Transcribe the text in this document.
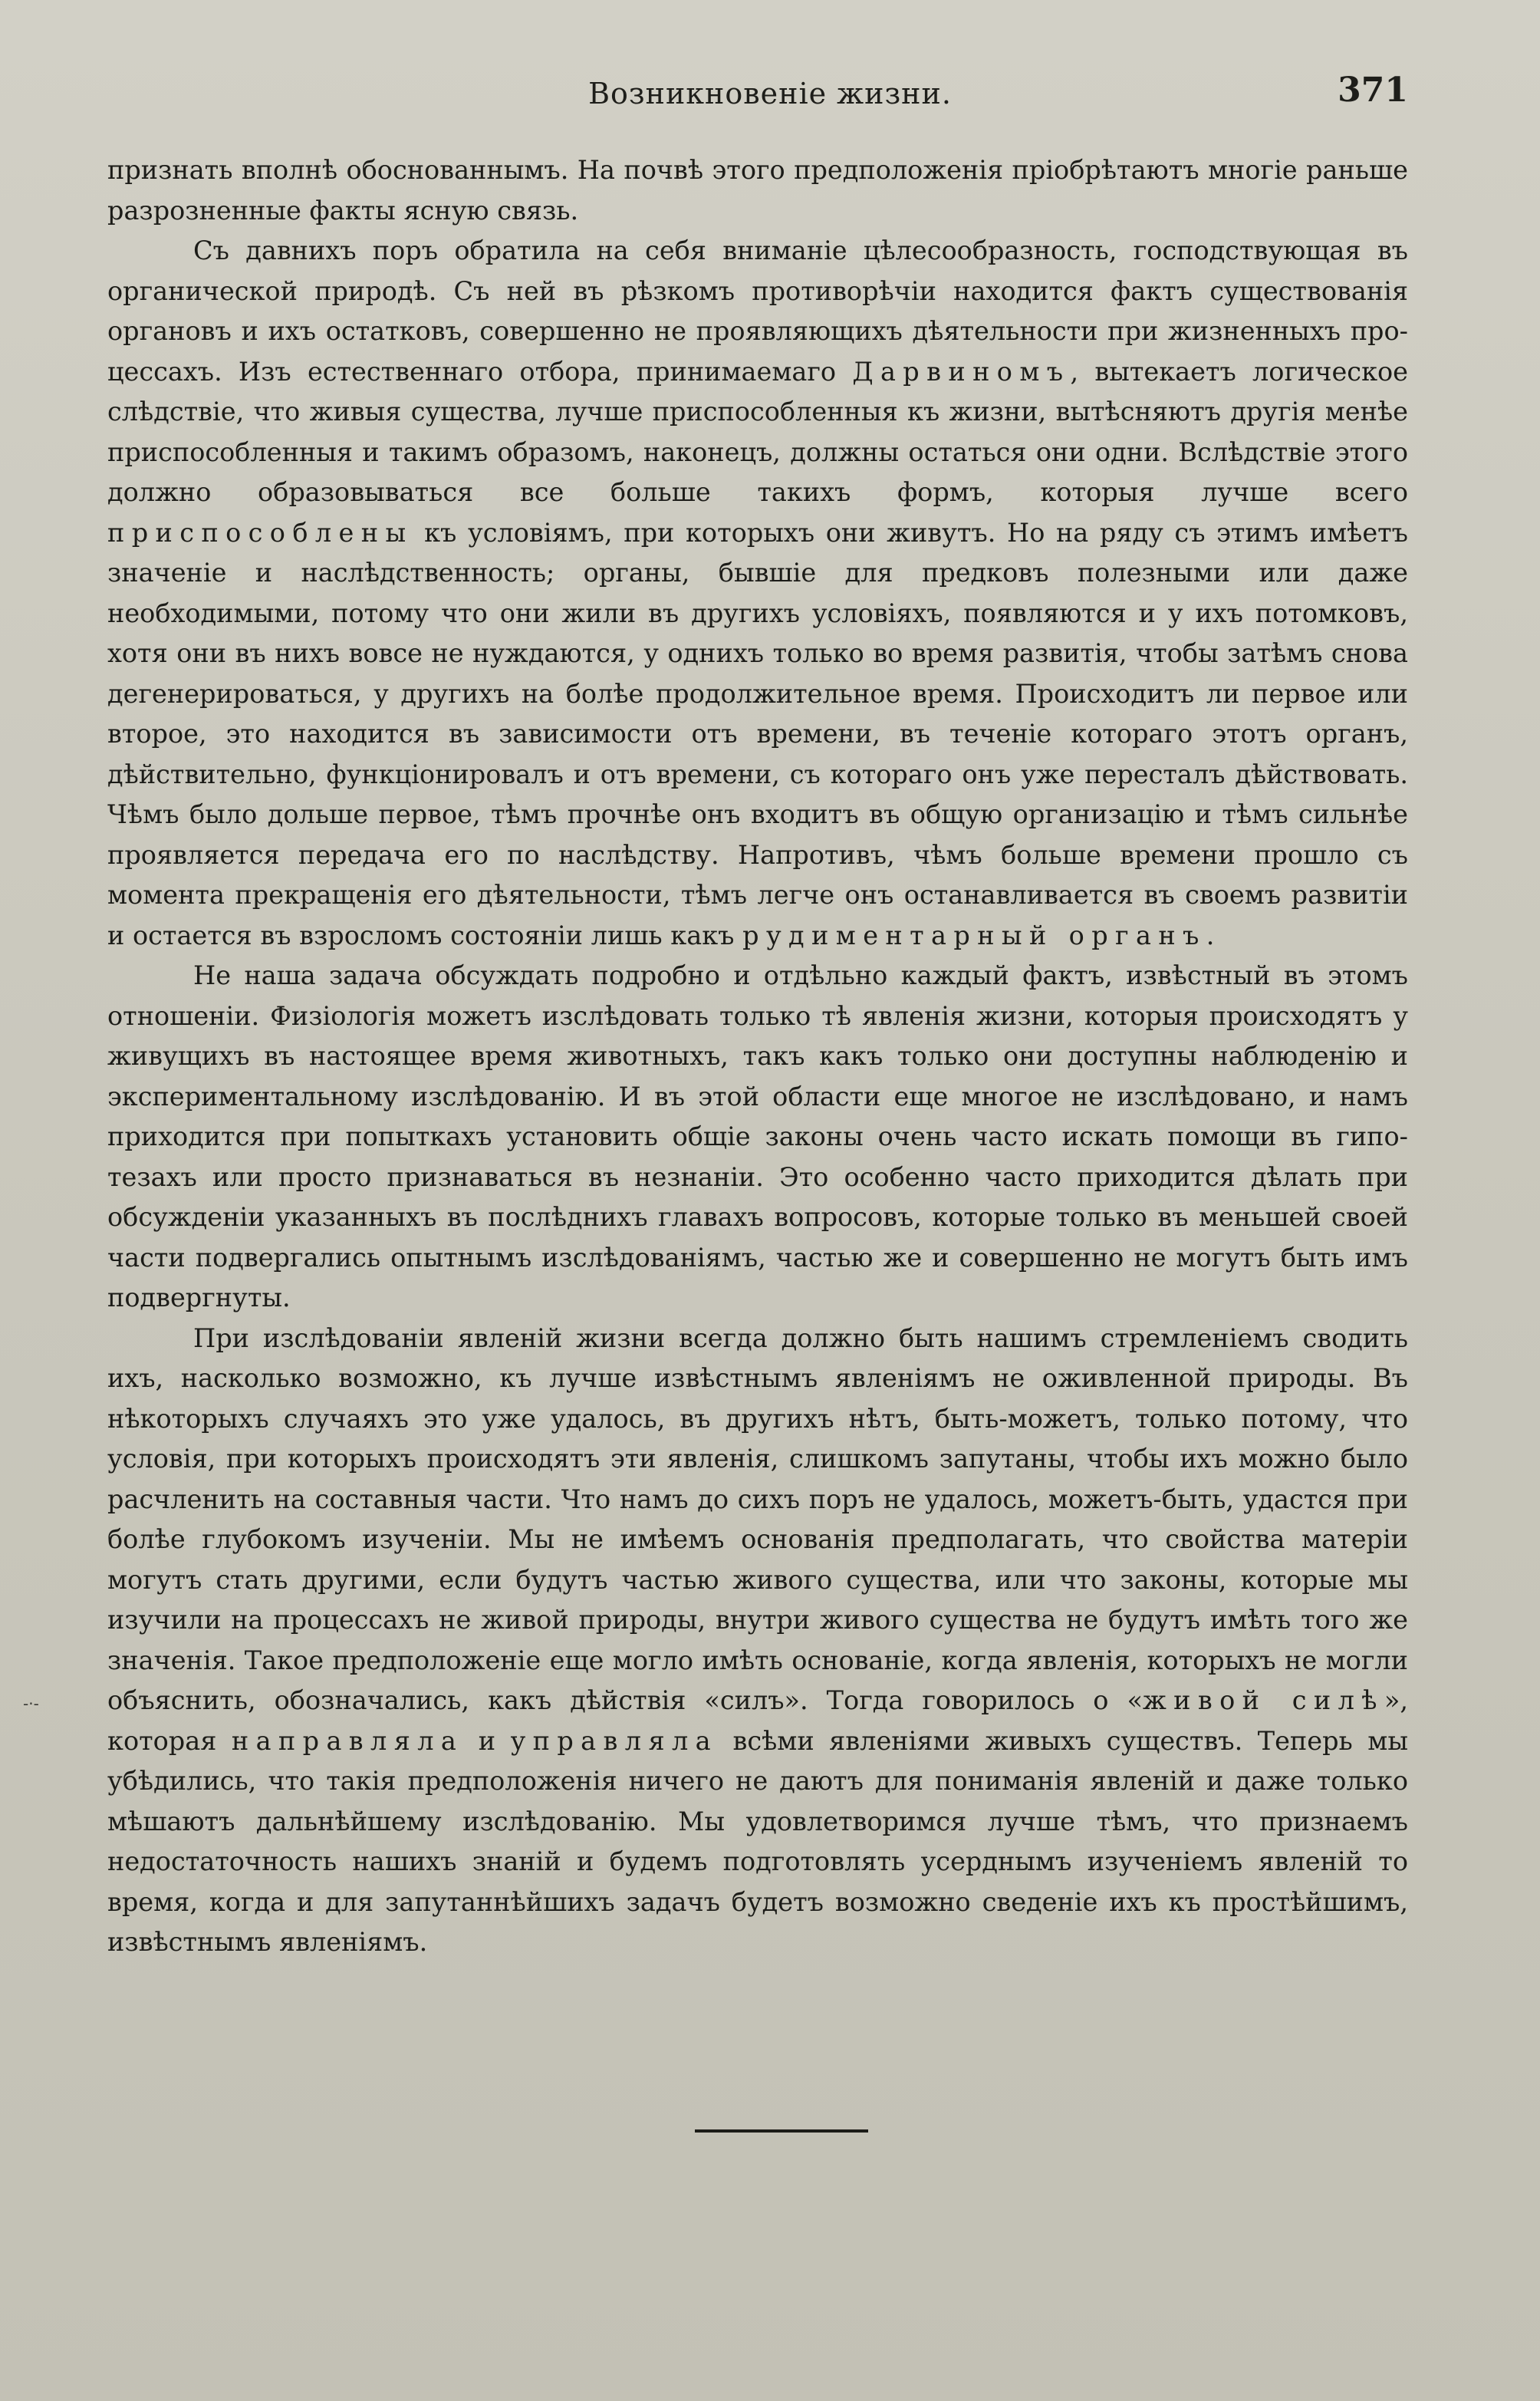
Возникновеніе жизни.	371

признать вполнѣ обоснованнымъ. На почвѣ этого предположенія пріобрѣтаютъ многіе раньше разрозненные факты ясную связь.

Съ давнихъ поръ обратила на себя вниманіе цѣлесообразность, господствующая въ органической природѣ. Съ ней въ рѣзкомъ противорѣчіи находится фактъ существованія органовъ и ихъ остатковъ, совершенно не проявляющихъ дѣятельности при жизненныхъ процессахъ. Изъ естественнаго отбора, принимаемаго Дарвиномъ, вытекаетъ логическое слѣдствіе, что живыя существа, лучше приспособленныя къ жизни, вытѣсняютъ другія менѣе приспособленныя и такимъ образомъ, наконецъ, должны остаться они одни. Вслѣдствіе этого должно образовываться все больше такихъ формъ, которыя лучше всего приспособлены къ условіямъ, при которыхъ они живутъ. Но на ряду съ этимъ имѣетъ значеніе и наслѣдственность; органы, бывшіе для предковъ полезными или даже необходимыми, потому что они жили въ другихъ условіяхъ, появляются и у ихъ потомковъ, хотя они въ нихъ вовсе не нуждаются, у однихъ только во время развитія, чтобы затѣмъ снова дегенерироваться, у другихъ на болѣе продолжительное время. Происходитъ ли первое или второе, это находится въ зависимости отъ времени, въ теченіе котораго этотъ органъ, дѣйствительно, функціонировалъ и отъ времени, съ котораго онъ уже пересталъ дѣйствовать. Чѣмъ было дольше первое, тѣмъ прочнѣе онъ входитъ въ общую организацію и тѣмъ сильнѣе проявляется передача его по наслѣдству. Напротивъ, чѣмъ больше времени прошло съ момента прекращенія его дѣятельности, тѣмъ легче онъ останавливается въ своемъ развитіи и остается въ взросломъ состояніи лишь какъ рудиментарный органъ.

Не наша задача обсуждать подробно и отдѣльно каждый фактъ, извѣстный въ этомъ отношеніи. Физіологія можетъ изслѣдовать только тѣ явленія жизни, которыя происходятъ у живущихъ въ настоящее время животныхъ, такъ какъ только они доступны наблюденію и экспериментальному изслѣдованію. И въ этой области еще многое не изслѣдовано, и намъ приходится при попыткахъ установить общіе законы очень часто искать помощи въ гипотезахъ или просто признаваться въ незнаніи. Это особенно часто приходится дѣлать при обсужденіи указанныхъ въ послѣднихъ главахъ вопросовъ, которые только въ меньшей своей части подвергались опытнымъ изслѣдованіямъ, частью же и совершенно не могутъ быть имъ подвергнуты.

При изслѣдованіи явленій жизни всегда должно быть нашимъ стремленіемъ сводить ихъ, насколько возможно, къ лучше извѣстнымъ явленіямъ не оживленной природы. Въ нѣкоторыхъ случаяхъ это уже удалось, въ другихъ нѣтъ, быть-можетъ, только потому, что условія, при которыхъ происходятъ эти явленія, слишкомъ запутаны, чтобы ихъ можно было расчленить на составныя части. Что намъ до сихъ поръ не удалось, можетъ-быть, удастся при болѣе глубокомъ изученіи. Мы не имѣемъ основанія предполагать, что свойства матеріи могутъ стать другими, если будутъ частью живого существа, или что законы, которые мы изучили на процессахъ не живой природы, внутри живого существа не будутъ имѣть того же значенія. Такое предположеніе еще могло имѣть основаніе, когда явленія, которыхъ не могли объяснить, обозначались, какъ дѣйствія «силъ». Тогда говорилось о «живой силѣ», которая направляла и управляла всѣми явленіями живыхъ существъ. Теперь мы убѣдились, что такія предположенія ничего не даютъ для пониманія явленій и даже только мѣшаютъ дальнѣйшему изслѣдованію. Мы удовлетворимся лучше тѣмъ, что признаемъ недостаточность нашихъ знаній и будемъ подготовлять усерднымъ изученіемъ явленій то время, когда и для запутаннѣйшихъ задачъ будетъ возможно сведеніе ихъ къ простѣйшимъ, извѣстнымъ явленіямъ.

-·-
